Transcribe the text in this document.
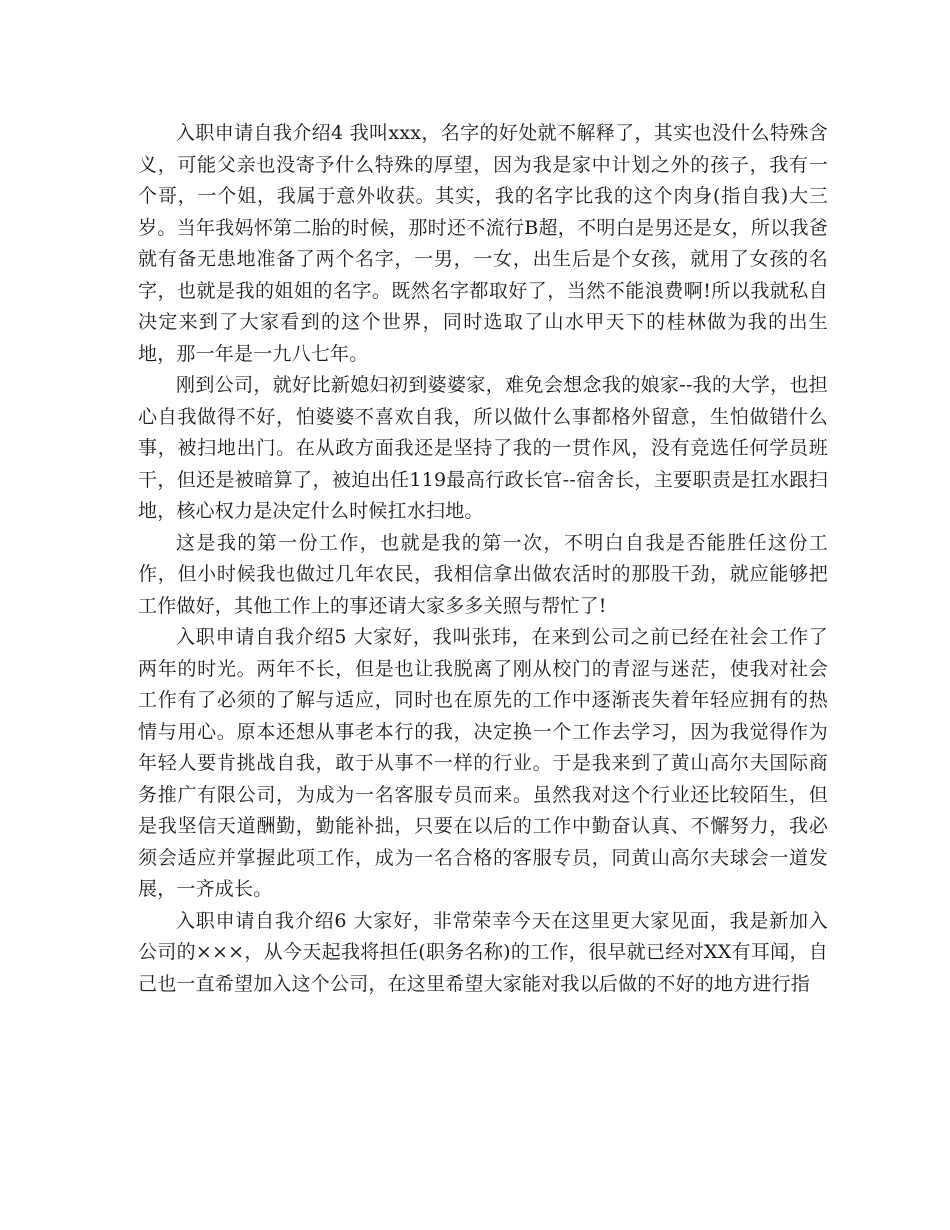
入职申请自我介绍4 我叫xxx，名字的好处就不解释了，其实也没什么特殊含义，可能父亲也没寄予什么特殊的厚望，因为我是家中计划之外的孩子，我有一个哥，一个姐，我属于意外收获。其实，我的名字比我的这个肉身(指自我)大三岁。当年我妈怀第二胎的时候，那时还不流行B超，不明白是男还是女，所以我爸就有备无患地准备了两个名字，一男，一女，出生后是个女孩，就用了女孩的名字，也就是我的姐姐的名字。既然名字都取好了，当然不能浪费啊!所以我就私自决定来到了大家看到的这个世界，同时选取了山水甲天下的桂林做为我的出生地，那一年是一九八七年。

刚到公司，就好比新媳妇初到婆婆家，难免会想念我的娘家--我的大学，也担心自我做得不好，怕婆婆不喜欢自我，所以做什么事都格外留意，生怕做错什么事，被扫地出门。在从政方面我还是坚持了我的一贯作风，没有竞选任何学员班干，但还是被暗算了，被迫出任119最高行政长官--宿舍长，主要职责是扛水跟扫地，核心权力是决定什么时候扛水扫地。

这是我的第一份工作，也就是我的第一次，不明白自我是否能胜任这份工作，但小时候我也做过几年农民，我相信拿出做农活时的那股干劲，就应能够把工作做好，其他工作上的事还请大家多多关照与帮忙了!

入职申请自我介绍5 大家好，我叫张玮，在来到公司之前已经在社会工作了两年的时光。两年不长，但是也让我脱离了刚从校门的青涩与迷茫，使我对社会工作有了必须的了解与适应，同时也在原先的工作中逐渐丧失着年轻应拥有的热情与用心。原本还想从事老本行的我，决定换一个工作去学习，因为我觉得作为年轻人要肯挑战自我，敢于从事不一样的行业。于是我来到了黄山高尔夫国际商务推广有限公司，为成为一名客服专员而来。虽然我对这个行业还比较陌生，但是我坚信天道酬勤，勤能补拙，只要在以后的工作中勤奋认真、不懈努力，我必须会适应并掌握此项工作，成为一名合格的客服专员，同黄山高尔夫球会一道发展，一齐成长。

入职申请自我介绍6 大家好，非常荣幸今天在这里更大家见面，我是新加入公司的×××，从今天起我将担任(职务名称)的工作，很早就已经对XX有耳闻，自己也一直希望加入这个公司，在这里希望大家能对我以后做的不好的地方进行指
